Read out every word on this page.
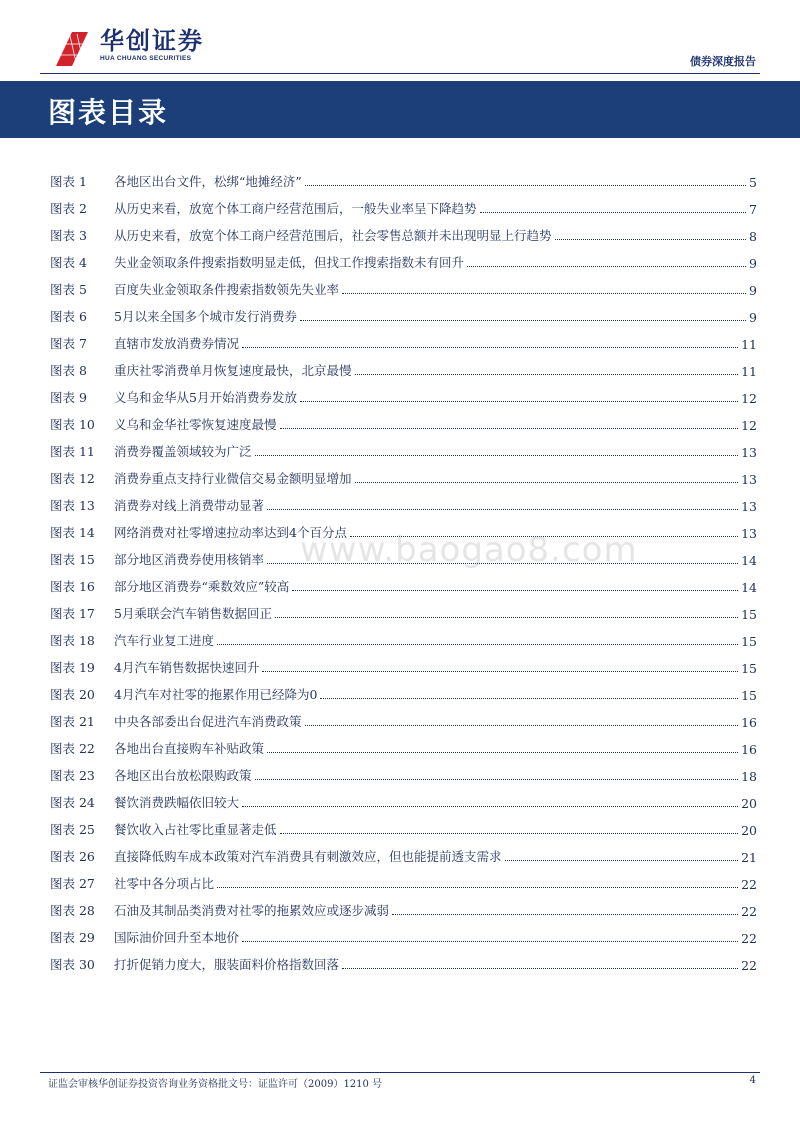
华创证券
HUA CHUANG SECURITIES	债券深度报告
图表目录
图表 1	各地区出台文件，松绑“地摊经济”	5
图表 2	从历史来看，放宽个体工商户经营范围后，一般失业率呈下降趋势	7
图表 3	从历史来看，放宽个体工商户经营范围后，社会零售总额并未出现明显上行趋势	8
图表 4	失业金领取条件搜索指数明显走低，但找工作搜索指数未有回升	9
图表 5	百度失业金领取条件搜索指数领先失业率	9
图表 6	5月以来全国多个城市发行消费券	9
图表 7	直辖市发放消费券情况	11
图表 8	重庆社零消费单月恢复速度最快，北京最慢	11
图表 9	义乌和金华从5月开始消费券发放	12
图表 10	义乌和金华社零恢复速度最慢	12
图表 11	消费券覆盖领域较为广泛	13
图表 12	消费券重点支持行业微信交易金额明显增加	13
图表 13	消费券对线上消费带动显著	13
图表 14	网络消费对社零增速拉动率达到4个百分点	13
图表 15	部分地区消费券使用核销率	14
图表 16	部分地区消费券“乘数效应”较高	14
图表 17	5月乘联会汽车销售数据回正	15
图表 18	汽车行业复工进度	15
图表 19	4月汽车销售数据快速回升	15
图表 20	4月汽车对社零的拖累作用已经降为0	15
图表 21	中央各部委出台促进汽车消费政策	16
图表 22	各地出台直接购车补贴政策	16
图表 23	各地区出台放松限购政策	18
图表 24	餐饮消费跌幅依旧较大	20
图表 25	餐饮收入占社零比重显著走低	20
图表 26	直接降低购车成本政策对汽车消费具有刺激效应，但也能提前透支需求	21
图表 27	社零中各分项占比	22
图表 28	石油及其制品类消费对社零的拖累效应或逐步减弱	22
图表 29	国际油价回升至本地价	22
图表 30	打折促销力度大，服装面料价格指数回落	22
www.baogao8.com
证监会审核华创证券投资咨询业务资格批文号：证监许可（2009）1210 号	4
